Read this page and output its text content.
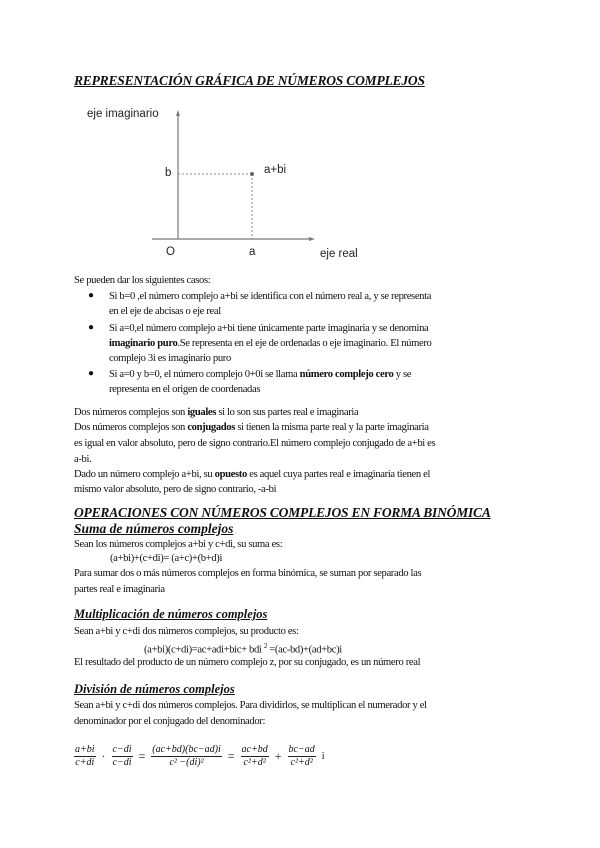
REPRESENTACIÓN GRÁFICA DE NÚMEROS COMPLEJOS
eje imaginario
b	a+bi
O	a	eje real
Se pueden dar los siguientes casos:
● Si b=0 ,el número complejo a+bi se identifica con el número real a, y se representa
en el eje de abcisas o eje real
● Si a=0,el número complejo a+bi tiene únicamente parte imaginaria y se denomina
imaginario puro.Se representa en el eje de ordenadas o eje imaginario. El número
complejo 3i es imaginario puro
● Si a=0 y b=0, el número complejo 0+0i se llama número complejo cero y se
representa en el origen de coordenadas
Dos números complejos son iguales si lo son sus partes real e imaginaria
Dos números complejos son conjugados si tienen la misma parte real y la parte imaginaria
es igual en valor absoluto, pero de signo contrario.El número complejo conjugado de a+bi es
a-bi.
Dado un número complejo a+bi, su opuesto es aquel cuya partes real e imaginaria tienen el
mismo valor absoluto, pero de signo contrario, -a-bi
OPERACIONES CON NÚMEROS COMPLEJOS EN FORMA BINÓMICA
Suma de números complejos
Sean los números complejos a+bi y c+di, su suma es:
(a+bi)+(c+di)= (a+c)+(b+d)i
Para sumar dos o más números complejos en forma binómica, se suman por separado las
partes real e imaginaria
Multiplicación de números complejos
Sean a+bi y c+di dos números complejos, su producto es:
(a+bi)(c+di)=ac+adi+bic+ bdi $^2$ =(ac-bd)+(ad+bc)i
El resultado del producto de un número complejo z, por su conjugado, es un número real
División de números complejos
Sean a+bi y c+di dos números complejos. Para dividirlos, se multiplican el numerador y el
denominador por el conjugado del denominador:
$\frac{a+bi}{c+di} \cdot \frac{c-di}{c-di} = \frac{(ac+bd)(bc-ad)i}{\text{c² −(di)²}} = \frac{ac+bd}{\text{c²+d²}} + \frac{bc-ad}{\text{c²+d²}}$ i
